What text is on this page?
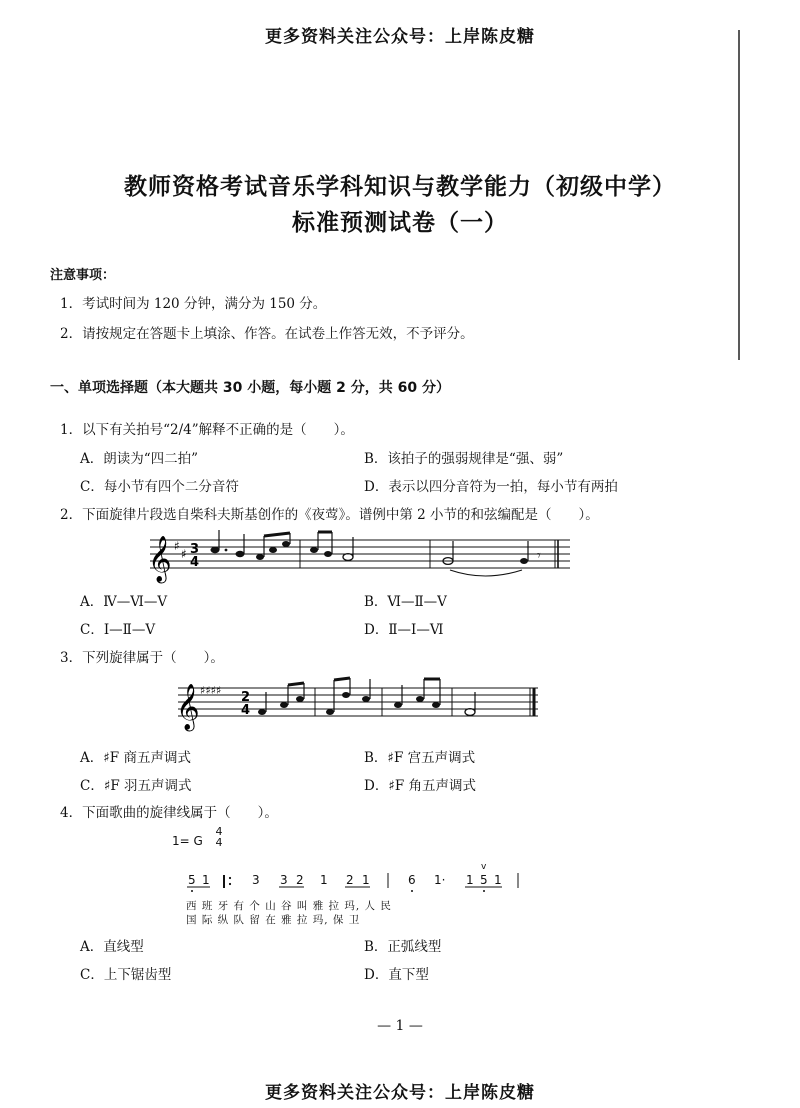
更多资料关注公众号：上岸陈皮糖
教师资格考试音乐学科知识与教学能力（初级中学）
标准预测试卷（一）
注意事项：
1．考试时间为 120 分钟，满分为 150 分。
2．请按规定在答题卡上填涂、作答。在试卷上作答无效，不予评分。
一、单项选择题（本大题共 30 小题，每小题 2 分，共 60 分）
1．以下有关拍号“2/4”解释不正确的是（　　）。
A．朗读为“四二拍”	B．该拍子的强弱规律是“强、弱”
C．每小节有四个二分音符	D．表示以四分音符为一拍，每小节有两拍
2．下面旋律片段选自柴科夫斯基创作的《夜莺》。谱例中第 2 小节的和弦编配是（　　）。
𝄞 ♯
♯ 3
4	𝄾
A．Ⅳ—Ⅵ—Ⅴ	B．Ⅵ—Ⅱ—Ⅴ
C．Ⅰ—Ⅱ—Ⅴ	D．Ⅱ—Ⅰ—Ⅵ
3．下列旋律属于（　　）。
𝄞 ♯♯♯♯ 2
4
A．♯F 商五声调式	B．♯F 宫五声调式
C．♯F 羽五声调式	D．♯F 角五声调式
4．下面歌曲的旋律线属于（　　）。
1= G
4
4
5 1	3 3 2 1 2 1	6 1· 1 5 1
v
西 班 牙 有 个 山 谷 叫 雅 拉 玛, 人 民
国 际 纵 队 留 在 雅 拉 玛, 保 卫
A．直线型	B．正弧线型
C．上下锯齿型	D．直下型
— 1 —
更多资料关注公众号：上岸陈皮糖
